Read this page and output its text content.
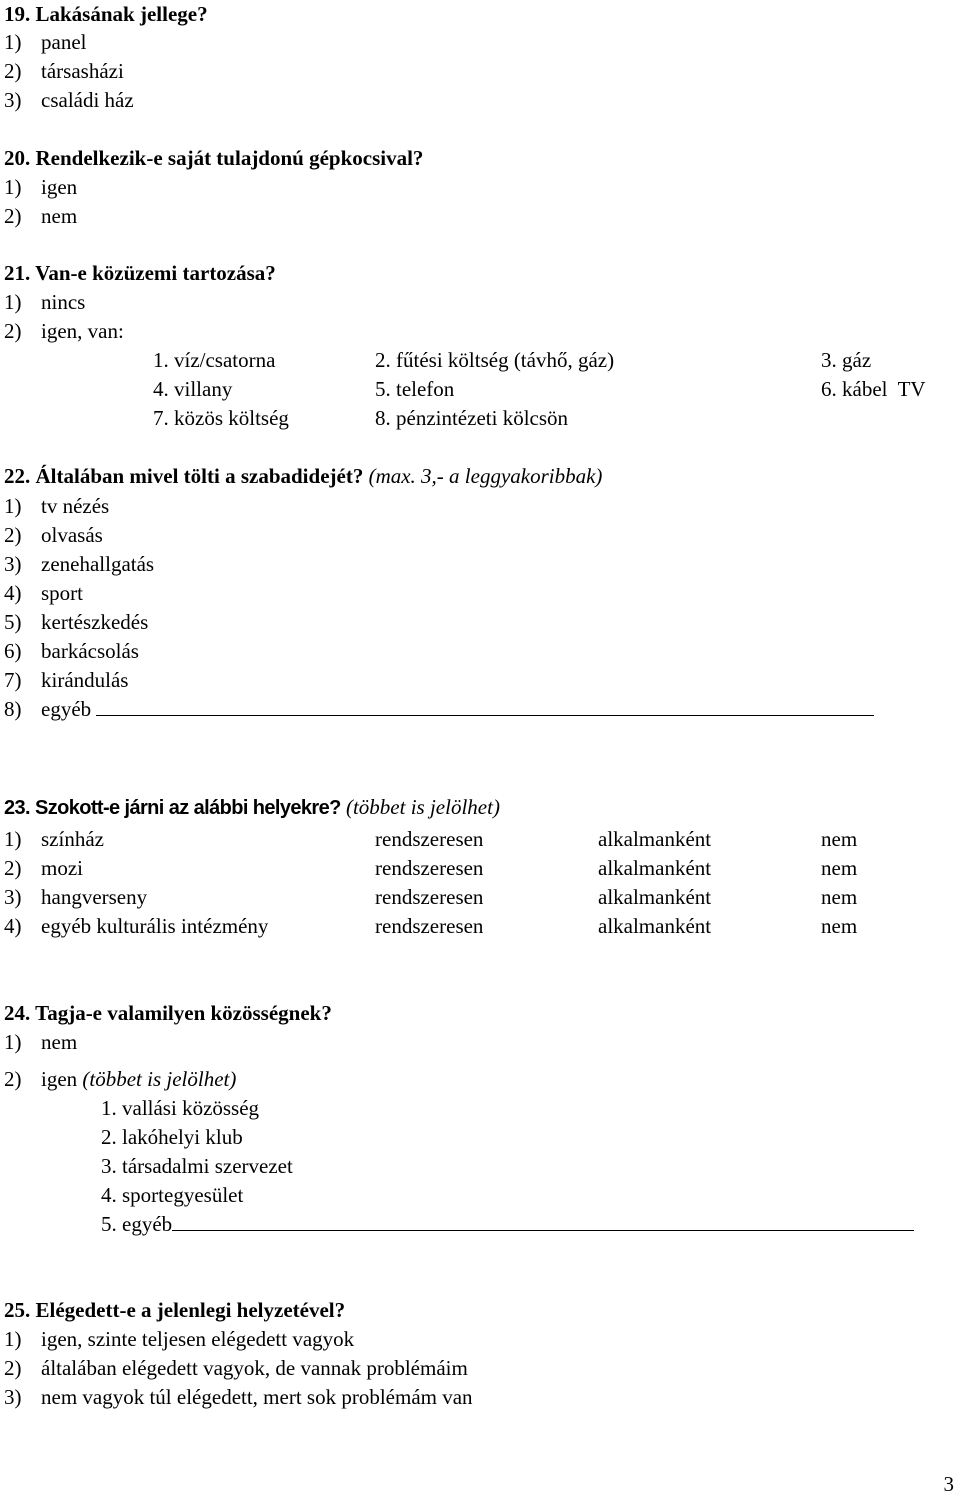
19. Lakásának jellege?
1) panel
2) társasházi
3) családi ház
20. Rendelkezik-e saját tulajdonú gépkocsival?
1) igen
2) nem
21. Van-e közüzemi tartozása?
1) nincs
2) igen, van:
1. víz/csatorna	2. fűtési költség (távhő, gáz)	3. gáz
4. villany	5. telefon	6. kábel  TV
7. közös költség	8. pénzintézeti kölcsön
22. Általában mivel tölti a szabadidejét? (max. 3,- a leggyakoribbak)
1) tv nézés
2) olvasás
3) zenehallgatás
4) sport
5) kertészkedés
6) barkácsolás
7) kirándulás
8) egyéb
23. Szokott-e járni az alábbi helyekre? (többet is jelölhet)
1) színház	rendszeresen	alkalmanként	nem
2) mozi	rendszeresen	alkalmanként	nem
3) hangverseny	rendszeresen	alkalmanként	nem
4) egyéb kulturális intézmény	rendszeresen	alkalmanként	nem
24. Tagja-e valamilyen közösségnek?
1) nem
2) igen (többet is jelölhet)
1. vallási közösség
2. lakóhelyi klub
3. társadalmi szervezet
4. sportegyesület
5. egyéb
25. Elégedett-e a jelenlegi helyzetével?
1) igen, szinte teljesen elégedett vagyok
2) általában elégedett vagyok, de vannak problémáim
3) nem vagyok túl elégedett, mert sok problémám van
3
